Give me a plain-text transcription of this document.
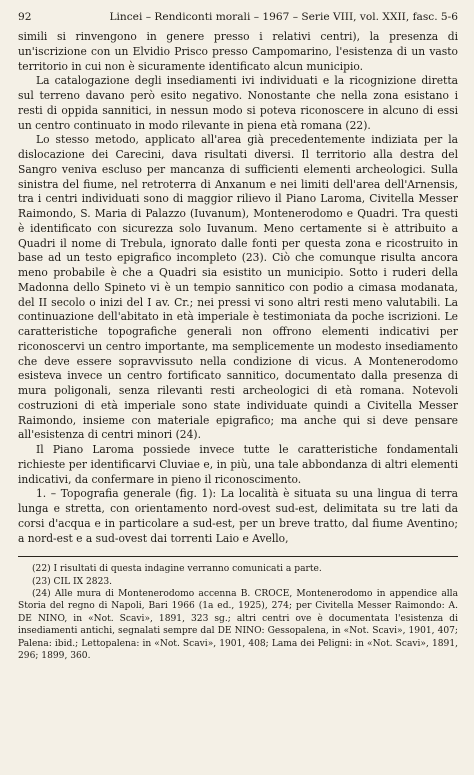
92	Lincei – Rendiconti morali – 1967 – Serie VIII, vol. XXII, fasc. 5-6

simili si rinvengono in genere presso i relativi centri), la presenza di un'iscrizione con un Elvidio Prisco presso Campomarino, l'esistenza di un vasto territorio in cui non è sicuramente identificato alcun municipio.

La catalogazione degli insediamenti ivi individuati e la ricognizione diretta sul terreno davano però esito negativo. Nonostante che nella zona esistano i resti di oppida sannitici, in nessun modo si poteva riconoscere in alcuno di essi un centro continuato in modo rilevante in piena età romana (22).

Lo stesso metodo, applicato all'area già precedentemente indiziata per la dislocazione dei Carecini, dava risultati diversi. Il territorio alla destra del Sangro veniva escluso per mancanza di sufficienti elementi archeologici. Sulla sinistra del fiume, nel retroterra di Anxanum e nei limiti dell'area dell'Arnensis, tra i centri individuati sono di maggior rilievo il Piano Laroma, Civitella Messer Raimondo, S. Maria di Palazzo (Iuvanum), Montenerodomo e Quadri. Tra questi è identificato con sicurezza solo Iuvanum. Meno certamente si è attribuito a Quadri il nome di Trebula, ignorato dalle fonti per questa zona e ricostruito in base ad un testo epigrafico incompleto (23). Ciò che comunque risulta ancora meno probabile è che a Quadri sia esistito un municipio. Sotto i ruderi della Madonna dello Spineto vi è un tempio sannitico con podio a cimasa modanata, del II secolo o inizi del I av. Cr.; nei pressi vi sono altri resti meno valutabili. La continuazione dell'abitato in età imperiale è testimoniata da poche iscrizioni. Le caratteristiche topografiche generali non offrono elementi indicativi per riconoscervi un centro importante, ma semplicemente un modesto insediamento che deve essere sopravvissuto nella condizione di vicus. A Montenerodomo esisteva invece un centro fortificato sannitico, documentato dalla presenza di mura poligonali, senza rilevanti resti archeologici di età romana. Notevoli costruzioni di età imperiale sono state individuate quindi a Civitella Messer Raimondo, insieme con materiale epigrafico; ma anche qui si deve pensare all'esistenza di centri minori (24).

Il Piano Laroma possiede invece tutte le caratteristiche fondamentali richieste per identificarvi Cluviae e, in più, una tale abbondanza di altri elementi indicativi, da confermare in pieno il riconoscimento.

1. – Topografia generale (fig. 1): La località è situata su una lingua di terra lunga e stretta, con orientamento nord-ovest sud-est, delimitata su tre lati da corsi d'acqua e in particolare a sud-est, per un breve tratto, dal fiume Aventino; a nord-est e a sud-ovest dai torrenti Laio e Avello,

(22) I risultati di questa indagine verranno comunicati a parte.

(23) CIL IX 2823.

(24) Alle mura di Montenerodomo accenna B. CROCE, Montenerodomo in appendice alla Storia del regno di Napoli, Bari 1966 (1a ed., 1925), 274; per Civitella Messer Raimondo: A. DE NINO, in «Not. Scavi», 1891, 323 sg.; altri centri ove è documentata l'esistenza di insediamenti antichi, segnalati sempre dal DE NINO: Gessopalena, in «Not. Scavi», 1901, 407; Palena: ibid.; Lettopalena: in «Not. Scavi», 1901, 408; Lama dei Peligni: in «Not. Scavi», 1891, 296; 1899, 360.
